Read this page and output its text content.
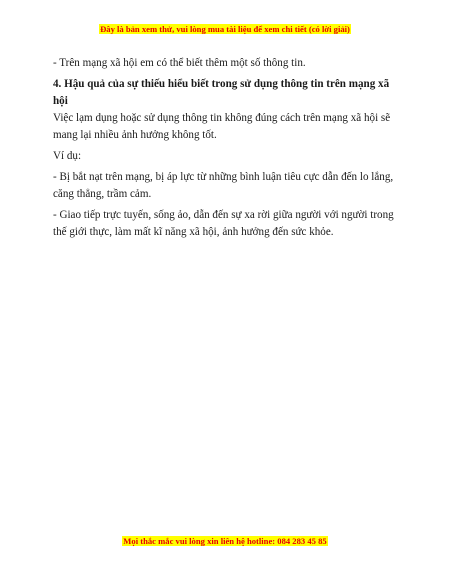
Đây là bản xem thử, vui lòng mua tài liệu để xem chi tiết (có lời giải)

- Trên mạng xã hội em có thể biết thêm một số thông tin.

4. Hậu quả của sự thiếu hiểu biết trong sử dụng thông tin trên mạng xã hội

Việc lạm dụng hoặc sử dụng thông tin không đúng cách trên mạng xã hội sẽ mang lại nhiều ảnh hưởng không tốt.

Ví dụ:

- Bị bắt nạt trên mạng, bị áp lực từ những bình luận tiêu cực dẫn đến lo lắng, căng thẳng, trầm cảm.

- Giao tiếp trực tuyến, sống ảo, dẫn đến sự xa rời giữa người với người trong thế giới thực, làm mất kĩ năng xã hội, ảnh hưởng đến sức khỏe.

Mọi thắc mắc vui lòng xin liên hệ hotline: 084 283 45 85
